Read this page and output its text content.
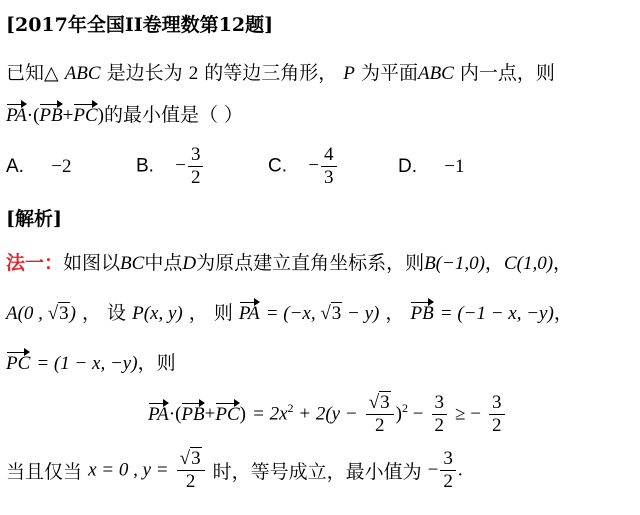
[2017年全国II卷理数第12题]
已知△ ABC 是边长为 2 的等边三角形， P 为平面ABC 内一点，则
PA·(PB+PC)的最小值是（ ）
A. −2	B. − $\frac{3}{2}$	C. − $\frac{4}{3}$	D. −1
[解析]
法一：如图以BC中点D为原点建立直角坐标系，则B(−1,0)，C(1,0)，
A(0 , √3) ， 设 P(x, y) ， 则 PA = (−x, √3 − y) ， PB = (−1 − x, −y)，
PC = (1 − x, −y)，则
$PA\cdot(PB+PC) = 2x^2 + 2(y - \frac{√3}{2} )^2 - \frac{3}{2}$ ≥ − $\frac{3}{2}$
当且仅当 x = 0 , $y = \frac{√3}{2}$ 时，等号成立，最小值为 − $\frac{3}{2}$ .
